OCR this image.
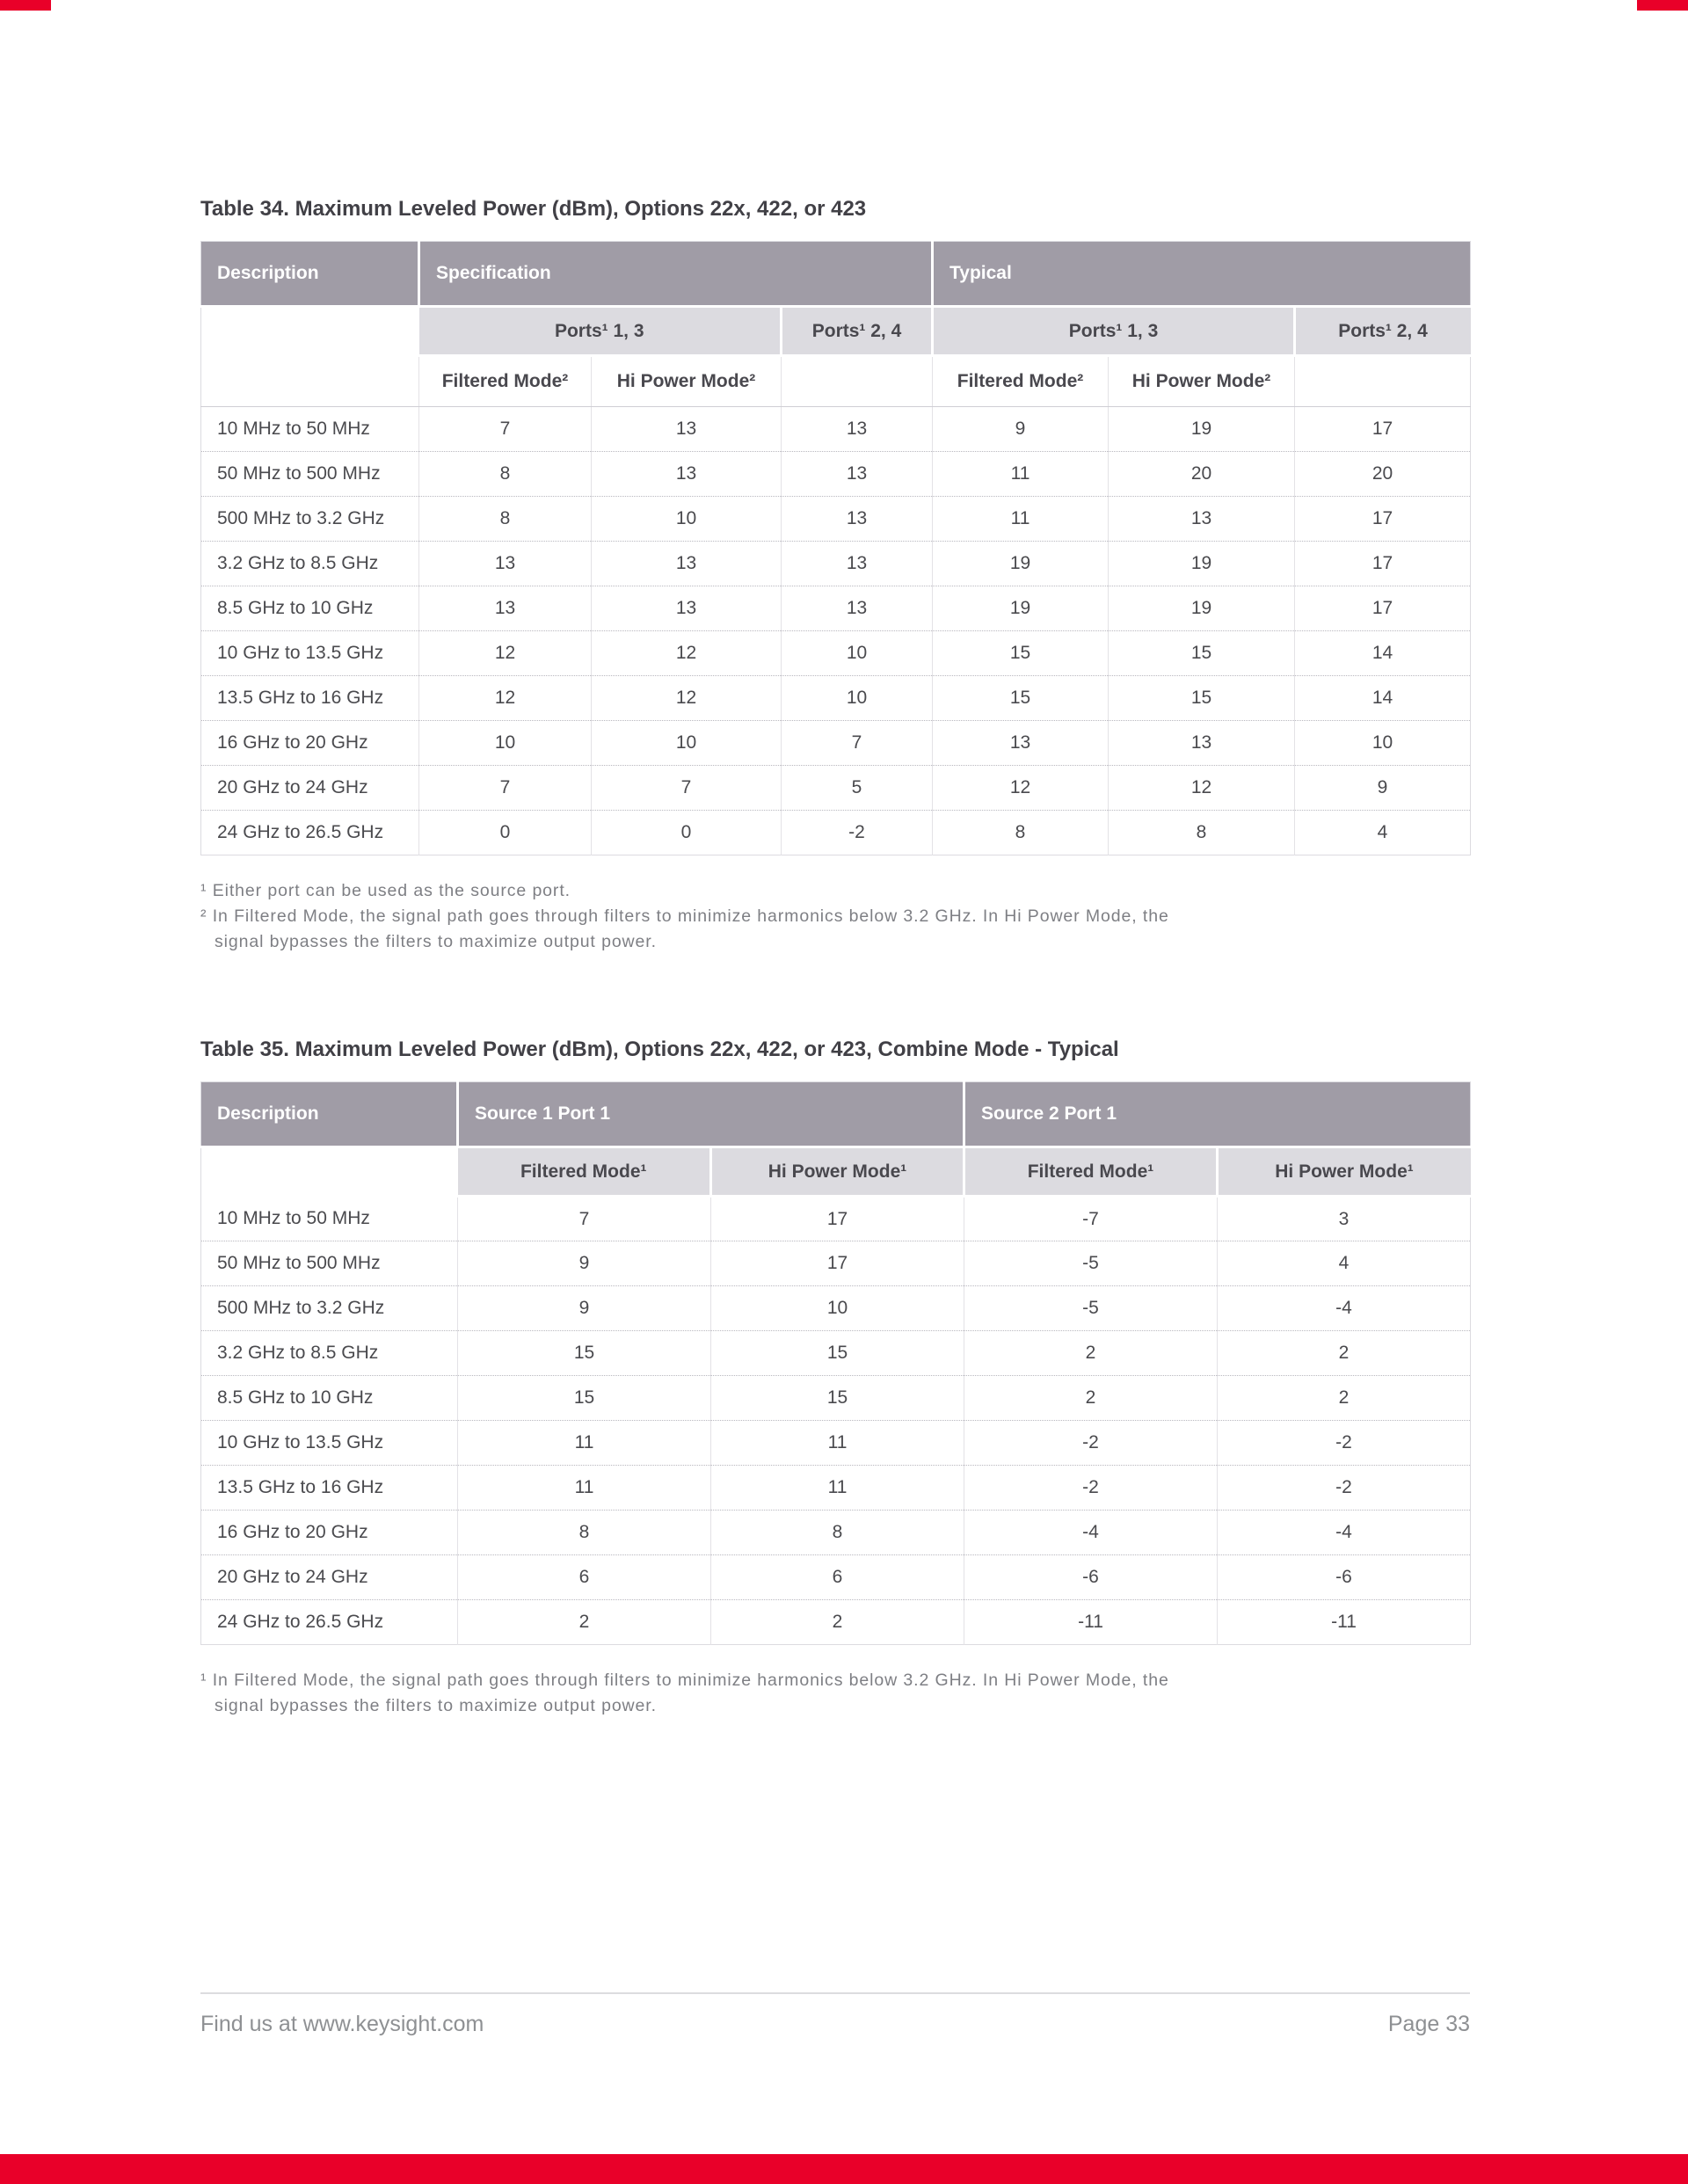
Table 34. Maximum Leveled Power (dBm), Options 22x, 422, or 423
Description	Specification			Typical		
	Ports¹ 1, 3		Ports¹ 2, 4	Ports¹ 1, 3		Ports¹ 2, 4
	Filtered Mode²	Hi Power Mode²		Filtered Mode²	Hi Power Mode²	
10 MHz to 50 MHz	7	13	13	9	19	17
50 MHz to 500 MHz	8	13	13	11	20	20
500 MHz to 3.2 GHz	8	10	13	11	13	17
3.2 GHz to 8.5 GHz	13	13	13	19	19	17
8.5 GHz to 10 GHz	13	13	13	19	19	17
10 GHz to 13.5 GHz	12	12	10	15	15	14
13.5 GHz to 16 GHz	12	12	10	15	15	14
16 GHz to 20 GHz	10	10	7	13	13	10
20 GHz to 24 GHz	7	7	5	12	12	9
24 GHz to 26.5 GHz	0	0	-2	8	8	4
¹ Either port can be used as the source port.
² In Filtered Mode, the signal path goes through filters to minimize harmonics below 3.2 GHz. In Hi Power Mode, the
signal bypasses the filters to maximize output power.
Table 35. Maximum Leveled Power (dBm), Options 22x, 422, or 423, Combine Mode - Typical
Description	Source 1 Port 1		Source 2 Port 1	
	Filtered Mode¹	Hi Power Mode¹	Filtered Mode¹	Hi Power Mode¹
10 MHz to 50 MHz	7	17	-7	3
50 MHz to 500 MHz	9	17	-5	4
500 MHz to 3.2 GHz	9	10	-5	-4
3.2 GHz to 8.5 GHz	15	15	2	2
8.5 GHz to 10 GHz	15	15	2	2
10 GHz to 13.5 GHz	11	11	-2	-2
13.5 GHz to 16 GHz	11	11	-2	-2
16 GHz to 20 GHz	8	8	-4	-4
20 GHz to 24 GHz	6	6	-6	-6
24 GHz to 26.5 GHz	2	2	-11	-11
¹ In Filtered Mode, the signal path goes through filters to minimize harmonics below 3.2 GHz. In Hi Power Mode, the
signal bypasses the filters to maximize output power.
Find us at www.keysight.com	Page 33
